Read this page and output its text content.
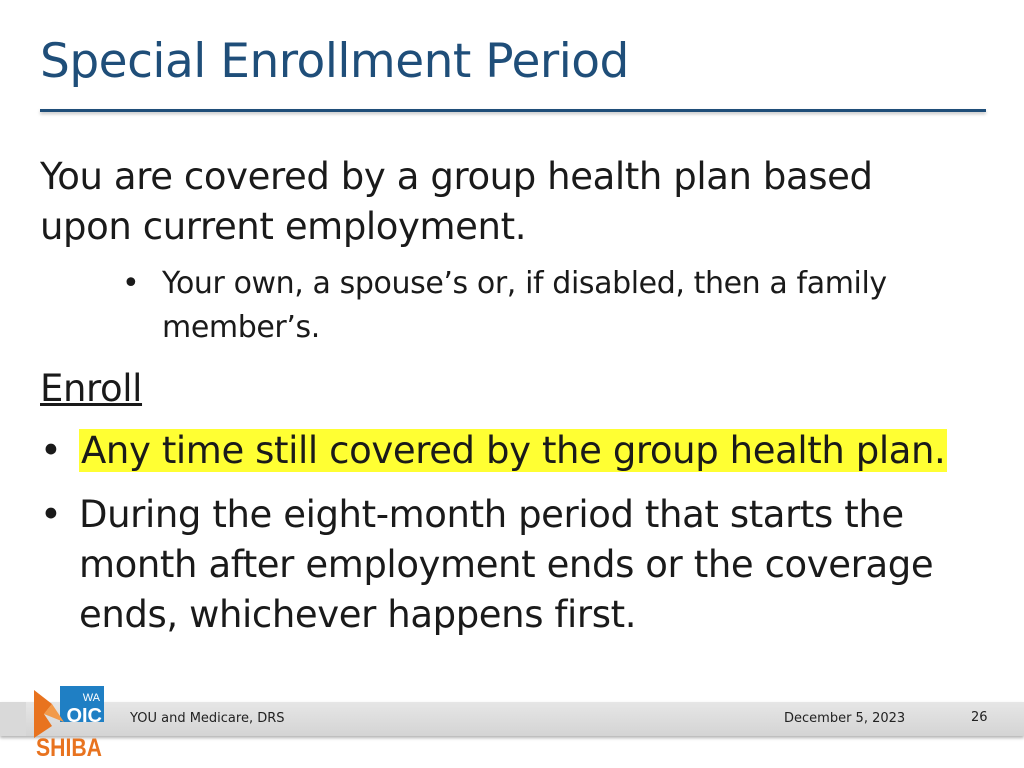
Special Enrollment Period
You are covered by a group health plan based upon current employment.
• Your own, a spouse’s or, if disabled, then a family member’s.
Enroll
• Any time still covered by the group health plan.
• During the eight-month period that starts the month after employment ends or the coverage ends, whichever happens first.
WA
OIC
SHIBA
YOU and Medicare, DRS	December 5, 2023	26
